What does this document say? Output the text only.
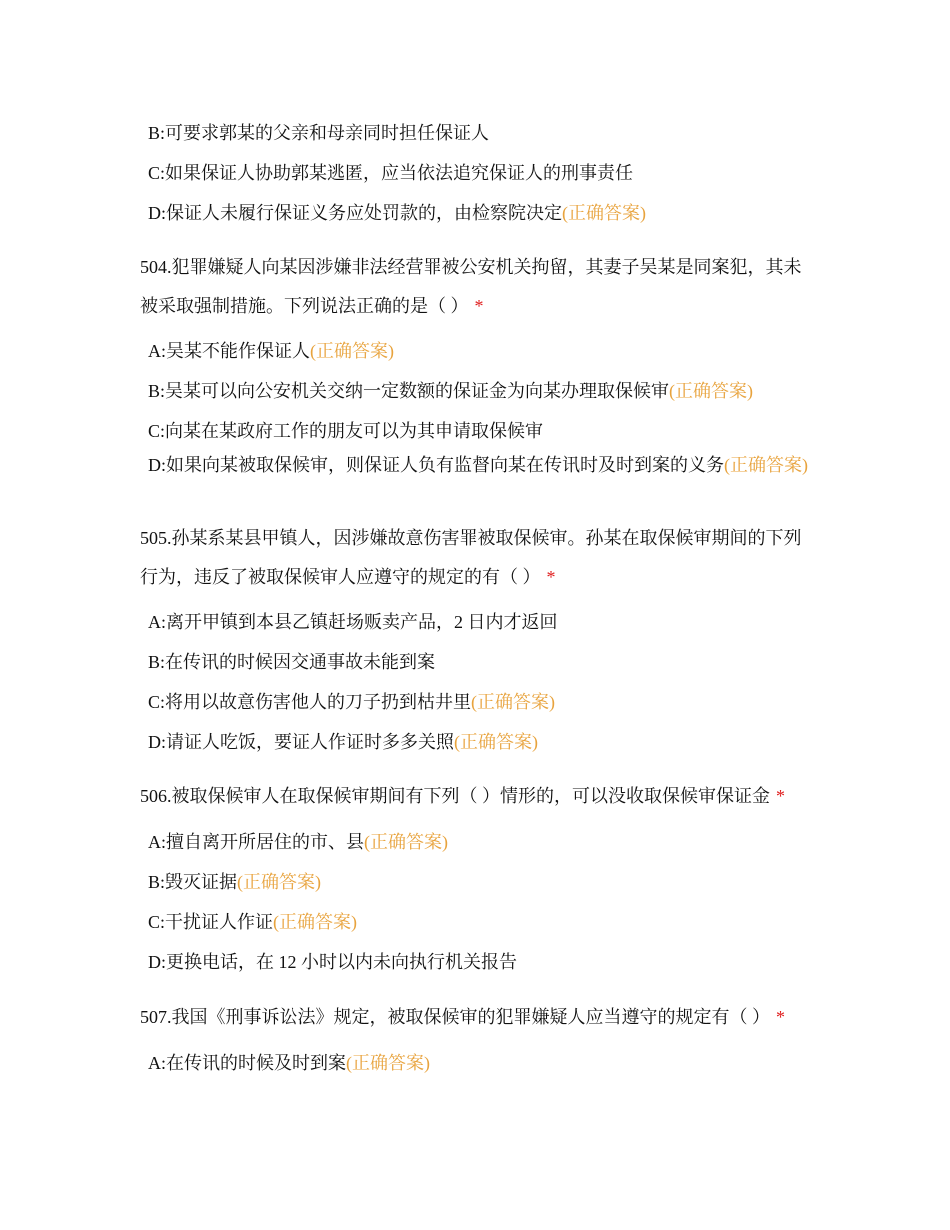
B:可要求郭某的父亲和母亲同时担任保证人
C:如果保证人协助郭某逃匿，应当依法追究保证人的刑事责任
D:保证人未履行保证义务应处罚款的，由检察院决定(正确答案)
504.犯罪嫌疑人向某因涉嫌非法经营罪被公安机关拘留，其妻子吴某是同案犯，其未被采取强制措施。下列说法正确的是（ ） *
A:吴某不能作保证人(正确答案)
B:吴某可以向公安机关交纳一定数额的保证金为向某办理取保候审(正确答案)
C:向某在某政府工作的朋友可以为其申请取保候审
D:如果向某被取保候审，则保证人负有监督向某在传讯时及时到案的义务(正确答案)
505.孙某系某县甲镇人，因涉嫌故意伤害罪被取保候审。孙某在取保候审期间的下列行为，违反了被取保候审人应遵守的规定的有（ ） *
A:离开甲镇到本县乙镇赶场贩卖产品，2 日内才返回
B:在传讯的时候因交通事故未能到案
C:将用以故意伤害他人的刀子扔到枯井里(正确答案)
D:请证人吃饭，要证人作证时多多关照(正确答案)
506.被取保候审人在取保候审期间有下列（ ）情形的，可以没收取保候审保证金 *
A:擅自离开所居住的市、县(正确答案)
B:毁灭证据(正确答案)
C:干扰证人作证(正确答案)
D:更换电话，在 12 小时以内未向执行机关报告
507.我国《刑事诉讼法》规定，被取保候审的犯罪嫌疑人应当遵守的规定有（ ） *
A:在传讯的时候及时到案(正确答案)
